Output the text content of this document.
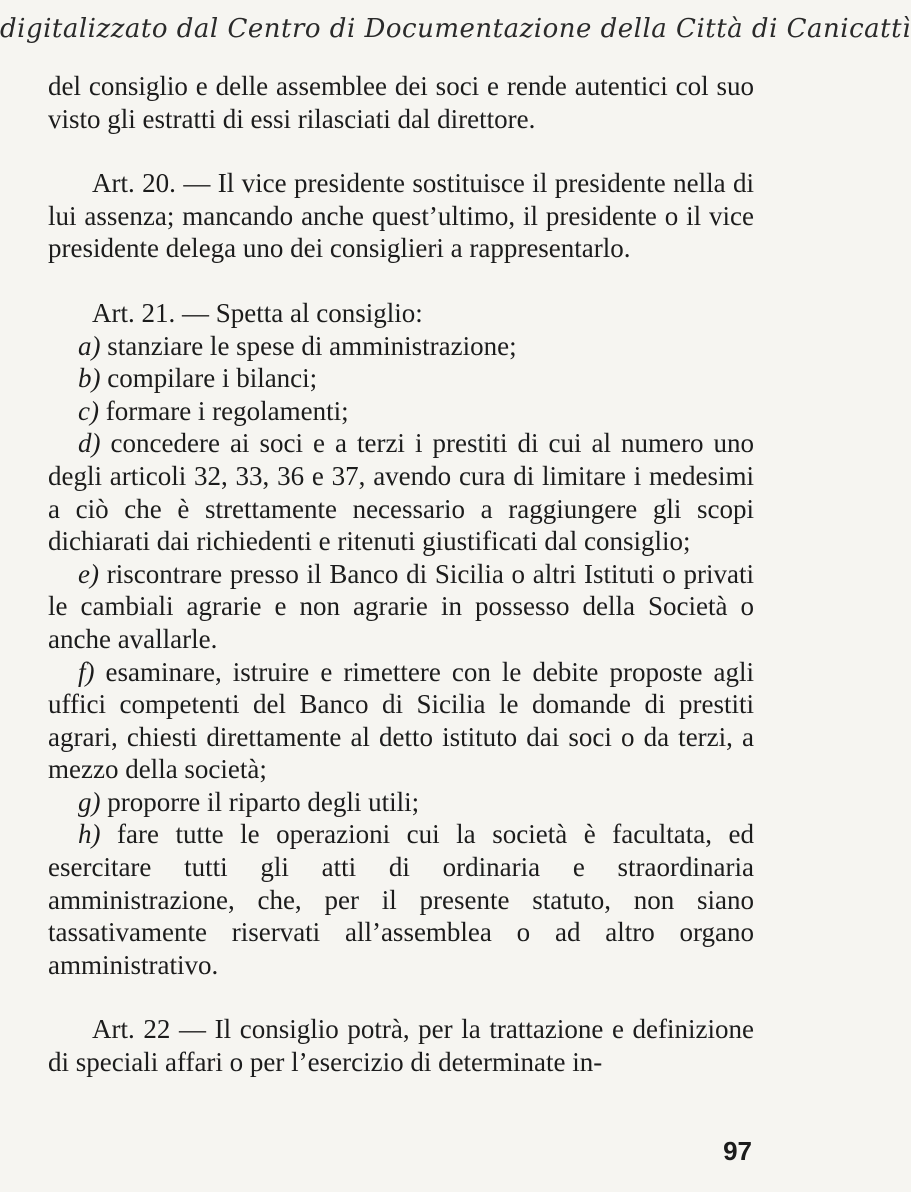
digitalizzato dal Centro di Documentazione della Città di Canicattì

del consiglio e delle assemblee dei soci e rende autentici col suo visto gli estratti di essi rilasciati dal direttore.

Art. 20. — Il vice presidente sostituisce il presidente nella di lui assenza; mancando anche quest’ultimo, il presidente o il vice presidente delega uno dei consiglieri a rappresentarlo.

Art. 21. — Spetta al consiglio:

a) stanziare le spese di amministrazione;

b) compilare i bilanci;

c) formare i regolamenti;

d) concedere ai soci e a terzi i prestiti di cui al numero uno degli articoli 32, 33, 36 e 37, avendo cura di limitare i medesimi a ciò che è strettamente necessario a raggiungere gli scopi dichiarati dai richiedenti e ritenuti giustificati dal consiglio;

e) riscontrare presso il Banco di Sicilia o altri Istituti o privati le cambiali agrarie e non agrarie in possesso della Società o anche avallarle.

f) esaminare, istruire e rimettere con le debite proposte agli uffici competenti del Banco di Sicilia le domande di prestiti agrari, chiesti direttamente al detto istituto dai soci o da terzi, a mezzo della società;

g) proporre il riparto degli utili;

h) fare tutte le operazioni cui la società è facultata, ed esercitare tutti gli atti di ordinaria e straordinaria amministrazione, che, per il presente statuto, non siano tassativamente riservati all’assemblea o ad altro organo amministrativo.

Art. 22 — Il consiglio potrà, per la trattazione e definizione di speciali affari o per l’esercizio di determinate in-

97
